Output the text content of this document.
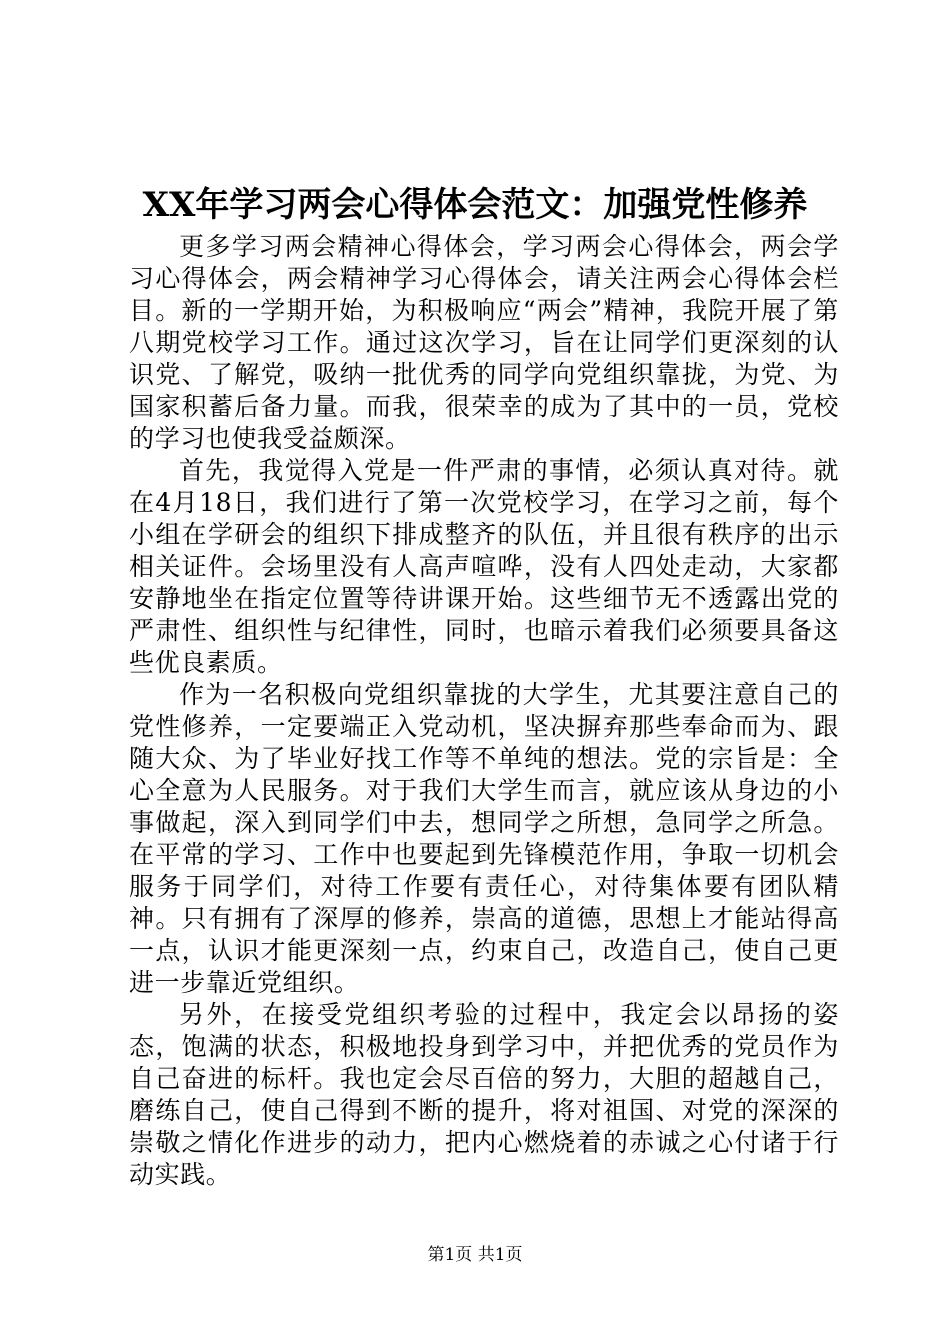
XX年学习两会心得体会范文：加强党性修养

更多学习两会精神心得体会，学习两会心得体会，两会学习心得体会，两会精神学习心得体会，请关注两会心得体会栏目。新的一学期开始，为积极响应“两会”精神，我院开展了第八期党校学习工作。通过这次学习，旨在让同学们更深刻的认识党、了解党，吸纳一批优秀的同学向党组织靠拢，为党、为国家积蓄后备力量。而我，很荣幸的成为了其中的一员，党校的学习也使我受益颇深。

首先，我觉得入党是一件严肃的事情，必须认真对待。就在4月18日，我们进行了第一次党校学习，在学习之前，每个小组在学研会的组织下排成整齐的队伍，并且很有秩序的出示相关证件。会场里没有人高声喧哗，没有人四处走动，大家都安静地坐在指定位置等待讲课开始。这些细节无不透露出党的严肃性、组织性与纪律性，同时，也暗示着我们必须要具备这些优良素质。

作为一名积极向党组织靠拢的大学生，尤其要注意自己的党性修养，一定要端正入党动机，坚决摒弃那些奉命而为、跟随大众、为了毕业好找工作等不单纯的想法。党的宗旨是：全心全意为人民服务。对于我们大学生而言，就应该从身边的小事做起，深入到同学们中去，想同学之所想，急同学之所急。在平常的学习、工作中也要起到先锋模范作用，争取一切机会服务于同学们，对待工作要有责任心，对待集体要有团队精神。只有拥有了深厚的修养，崇高的道德，思想上才能站得高一点，认识才能更深刻一点，约束自己，改造自己，使自己更进一步靠近党组织。

另外，在接受党组织考验的过程中，我定会以昂扬的姿态，饱满的状态，积极地投身到学习中，并把优秀的党员作为自己奋进的标杆。我也定会尽百倍的努力，大胆的超越自己，磨练自己，使自己得到不断的提升，将对祖国、对党的深深的崇敬之情化作进步的动力，把内心燃烧着的赤诚之心付诸于行动实践。

第1页 共1页
